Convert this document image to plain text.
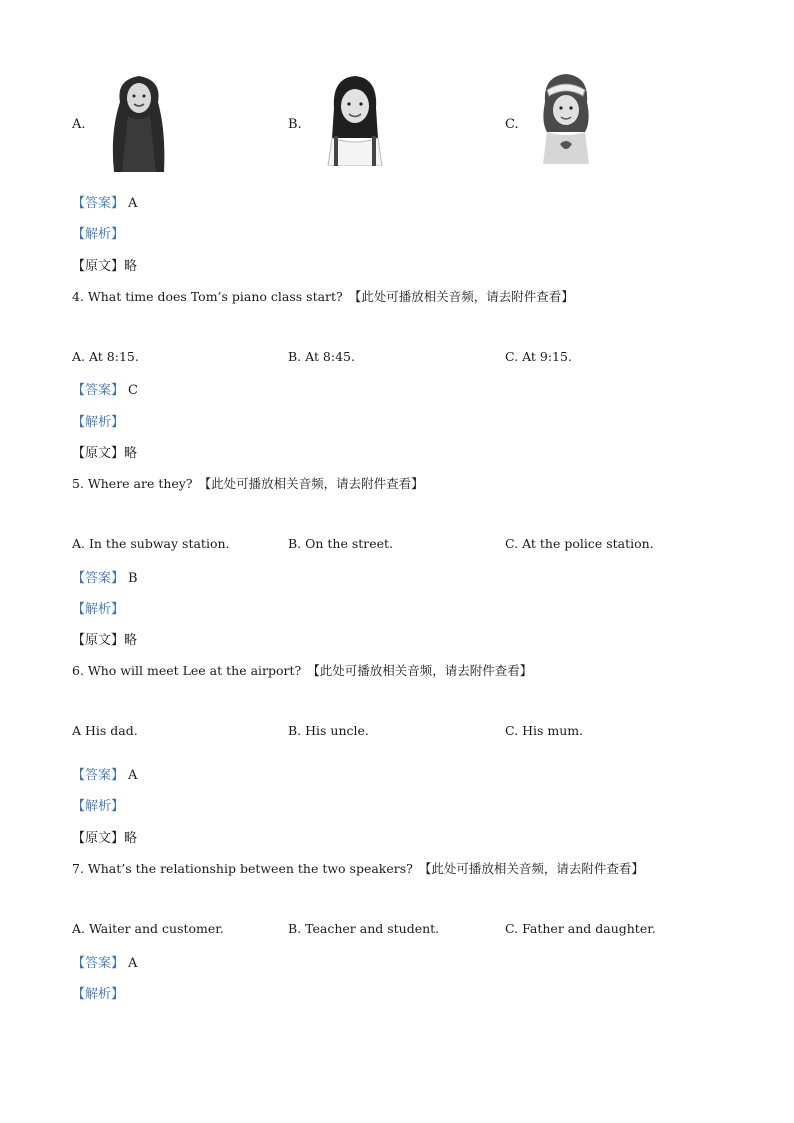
A.	B.	C.
【答案】 A
【解析】
【原文】略
4. What time does Tom’s piano class start? 【此处可播放相关音频，请去附件查看】
A. At 8:15.	B. At 8:45.	C. At 9:15.
【答案】 C
【解析】
【原文】略
5. Where are they? 【此处可播放相关音频，请去附件查看】
A. In the subway station.	B. On the street.	C. At the police station.
【答案】 B
【解析】
【原文】略
6. Who will meet Lee at the airport? 【此处可播放相关音频，请去附件查看】
A His dad.	B. His uncle.	C. His mum.
【答案】 A
【解析】
【原文】略
7. What’s the relationship between the two speakers? 【此处可播放相关音频，请去附件查看】
A. Waiter and customer.	B. Teacher and student.	C. Father and daughter.
【答案】 A
【解析】
